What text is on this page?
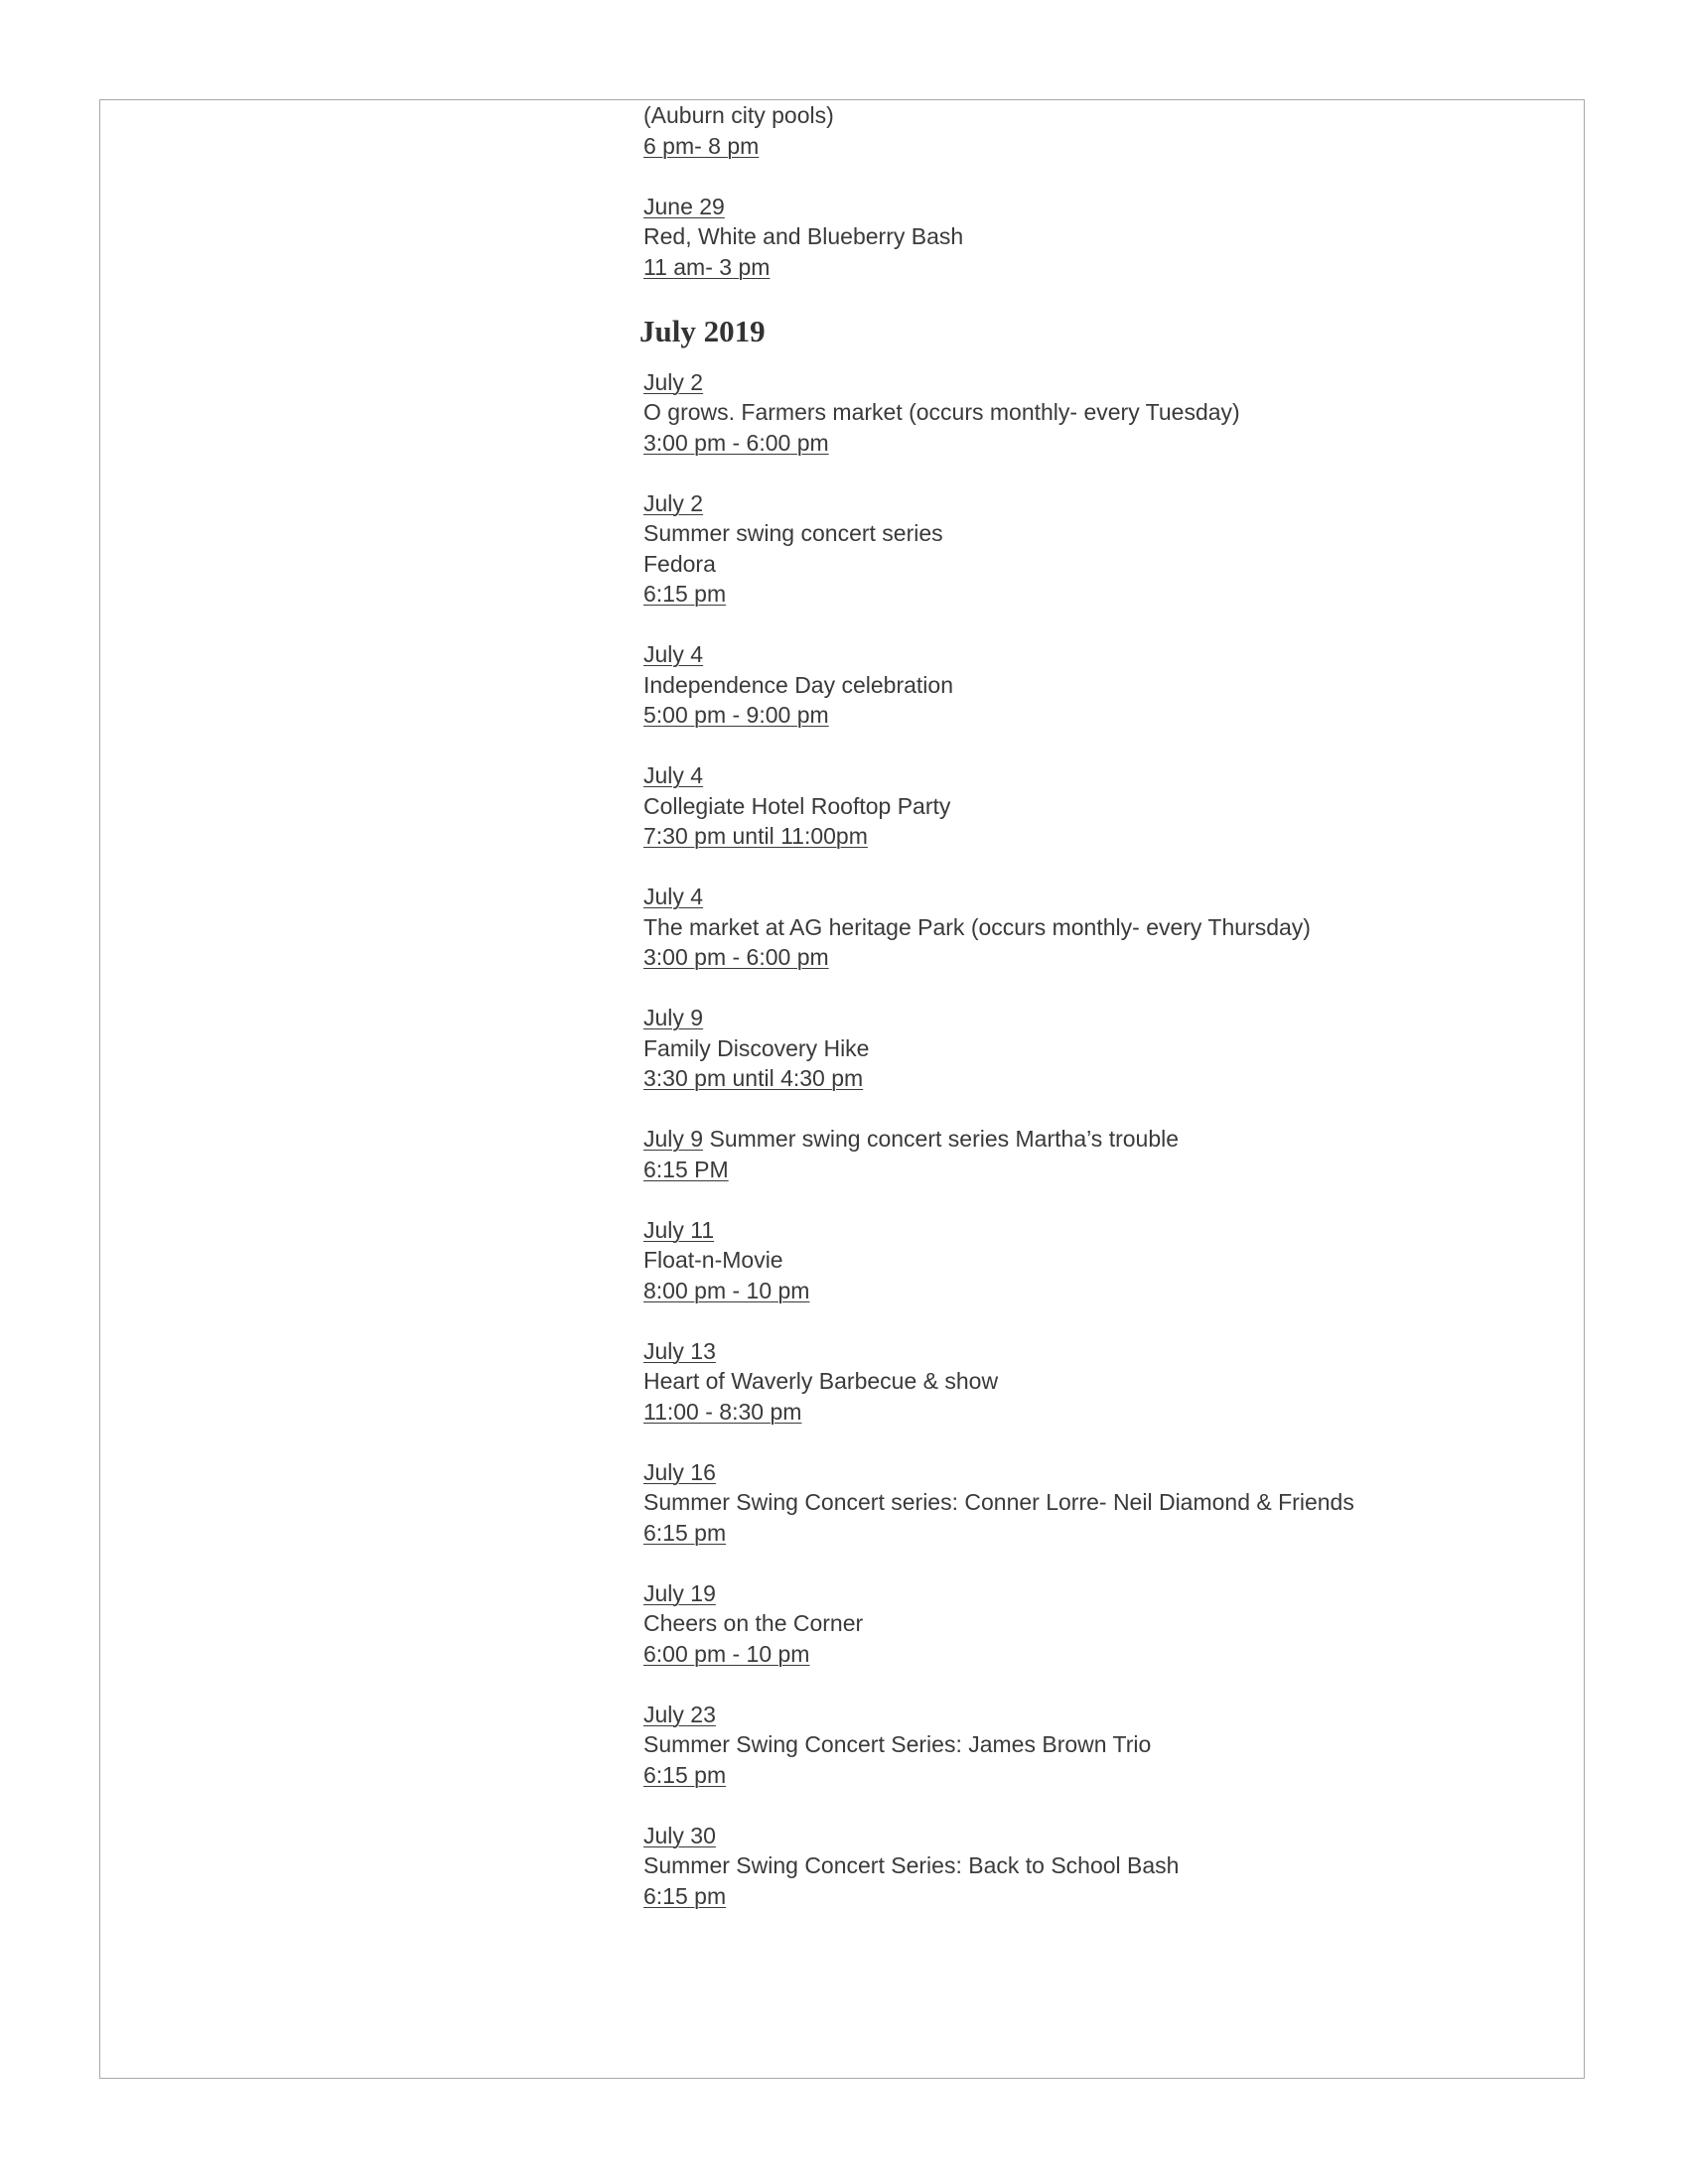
(Auburn city pools)
6 pm- 8 pm
June 29
Red, White and Blueberry Bash
11 am- 3 pm
July 2019
July 2
O grows. Farmers market (occurs monthly- every Tuesday)
3:00 pm - 6:00 pm
July 2
Summer swing concert series
Fedora
6:15 pm
July 4
Independence Day celebration
5:00 pm - 9:00 pm
July 4
Collegiate Hotel Rooftop Party
7:30 pm until 11:00pm
July 4
The market at AG heritage Park (occurs monthly- every Thursday)
3:00 pm - 6:00 pm
July 9
Family Discovery Hike
3:30 pm until 4:30 pm
July 9 Summer swing concert series Martha’s trouble
6:15 PM
July 11
Float-n-Movie
8:00 pm - 10 pm
July 13
Heart of Waverly Barbecue & show
11:00 - 8:30 pm
July 16
Summer Swing Concert series: Conner Lorre- Neil Diamond & Friends
6:15 pm
July 19
Cheers on the Corner
6:00 pm - 10 pm
July 23
Summer Swing Concert Series: James Brown Trio
6:15 pm
July 30
Summer Swing Concert Series: Back to School Bash
6:15 pm
